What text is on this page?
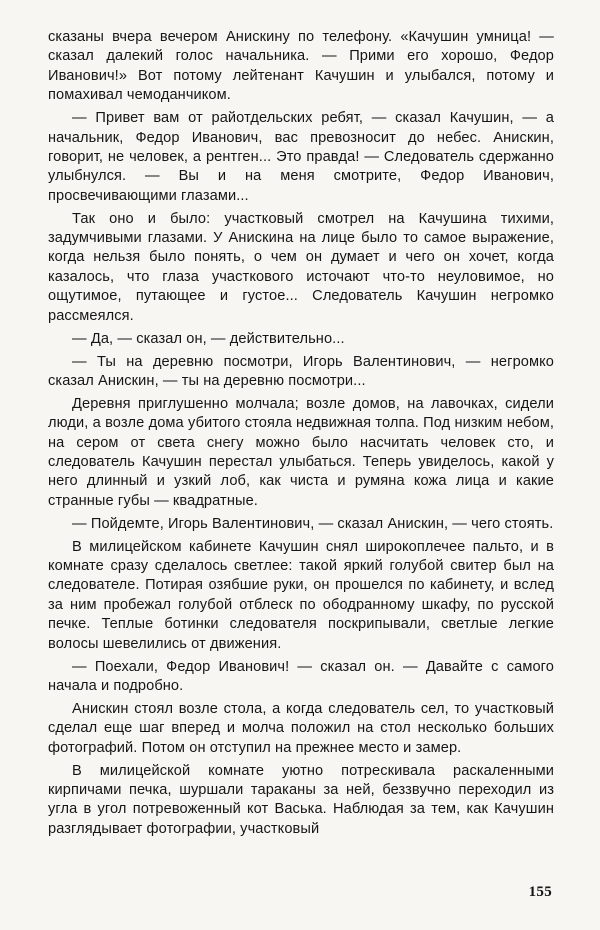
сказаны вчера вечером Анискину по телефону. «Качушин умница! — сказал далекий голос начальника. — Прими его хорошо, Федор Иванович!» Вот потому лейтенант Качушин и улыбался, потому и помахивал чемоданчиком.

— Привет вам от райотдельских ребят, — сказал Качушин, — а начальник, Федор Иванович, вас превозносит до небес. Анискин, говорит, не человек, а рентген... Это правда! — Следователь сдержанно улыбнулся. — Вы и на меня смотрите, Федор Иванович, просвечивающими глазами...

Так оно и было: участковый смотрел на Качушина тихими, задумчивыми глазами. У Анискина на лице было то самое выражение, когда нельзя было понять, о чем он думает и чего он хочет, когда казалось, что глаза участкового источают что-то неуловимое, но ощутимое, путающее и густое... Следователь Качушин негромко рассмеялся.

— Да, — сказал он, — действительно...

— Ты на деревню посмотри, Игорь Валентинович, — негромко сказал Анискин, — ты на деревню посмотри...

Деревня приглушенно молчала; возле домов, на лавочках, сидели люди, а возле дома убитого стояла недвижная толпа. Под низким небом, на сером от света снегу можно было насчитать человек сто, и следователь Качушин перестал улыбаться. Теперь увиделось, какой у него длинный и узкий лоб, как чиста и румяна кожа лица и какие странные губы — квадратные.

— Пойдемте, Игорь Валентинович, — сказал Анискин, — чего стоять.

В милицейском кабинете Качушин снял широкоплечее пальто, и в комнате сразу сделалось светлее: такой яркий голубой свитер был на следователе. Потирая озябшие руки, он прошелся по кабинету, и вслед за ним пробежал голубой отблеск по ободранному шкафу, по русской печке. Теплые ботинки следователя поскрипывали, светлые легкие волосы шевелились от движения.

— Поехали, Федор Иванович! — сказал он. — Давайте с самого начала и подробно.

Анискин стоял возле стола, а когда следователь сел, то участковый сделал еще шаг вперед и молча положил на стол несколько больших фотографий. Потом он отступил на прежнее место и замер.

В милицейской комнате уютно потрескивала раскаленными кирпичами печка, шуршали тараканы за ней, беззвучно переходил из угла в угол потревоженный кот Васька. Наблюдая за тем, как Качушин разглядывает фотографии, участковый

155
